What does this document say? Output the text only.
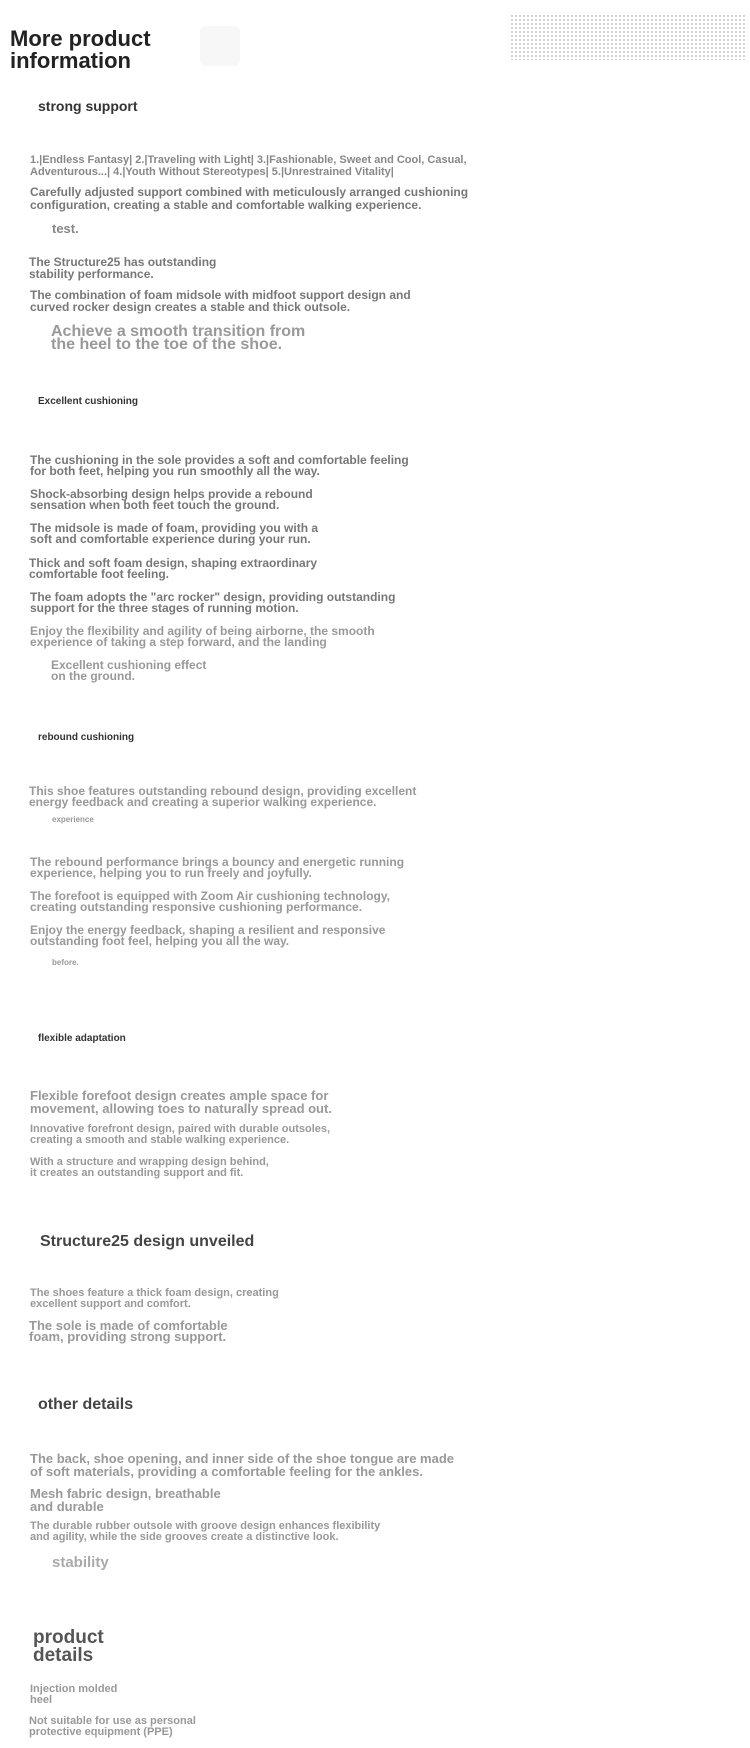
More product
information
strong support

1.|Endless Fantasy| 2.|Traveling with Light| 3.|Fashionable, Sweet and Cool, Casual,
Adventurous...| 4.|Youth Without Stereotypes| 5.|Unrestrained Vitality|

Carefully adjusted support combined with meticulously arranged cushioning
configuration, creating a stable and comfortable walking experience.

test.

The Structure25 has outstanding
stability performance.

The combination of foam midsole with midfoot support design and
curved rocker design creates a stable and thick outsole.

Achieve a smooth transition from
the heel to the toe of the shoe.

Excellent cushioning

The cushioning in the sole provides a soft and comfortable feeling
for both feet, helping you run smoothly all the way.

Shock-absorbing design helps provide a rebound
sensation when both feet touch the ground.

The midsole is made of foam, providing you with a
soft and comfortable experience during your run.

Thick and soft foam design, shaping extraordinary
comfortable foot feeling.

The foam adopts the "arc rocker" design, providing outstanding
support for the three stages of running motion.

Enjoy the flexibility and agility of being airborne, the smooth
experience of taking a step forward, and the landing

Excellent cushioning effect
on the ground.

rebound cushioning

This shoe features outstanding rebound design, providing excellent
energy feedback and creating a superior walking experience.

experience

The rebound performance brings a bouncy and energetic running
experience, helping you to run freely and joyfully.

The forefoot is equipped with Zoom Air cushioning technology,
creating outstanding responsive cushioning performance.

Enjoy the energy feedback, shaping a resilient and responsive
outstanding foot feel, helping you all the way.

before.

flexible adaptation

Flexible forefoot design creates ample space for
movement, allowing toes to naturally spread out.

Innovative forefront design, paired with durable outsoles,
creating a smooth and stable walking experience.

With a structure and wrapping design behind,
it creates an outstanding support and fit.

Structure25 design unveiled

The shoes feature a thick foam design, creating
excellent support and comfort.

The sole is made of comfortable
foam, providing strong support.

other details

The back, shoe opening, and inner side of the shoe tongue are made
of soft materials, providing a comfortable feeling for the ankles.

Mesh fabric design, breathable
and durable

The durable rubber outsole with groove design enhances flexibility
and agility, while the side grooves create a distinctive look.

stability

product
details

Injection molded
heel

Not suitable for use as personal
protective equipment (PPE)
